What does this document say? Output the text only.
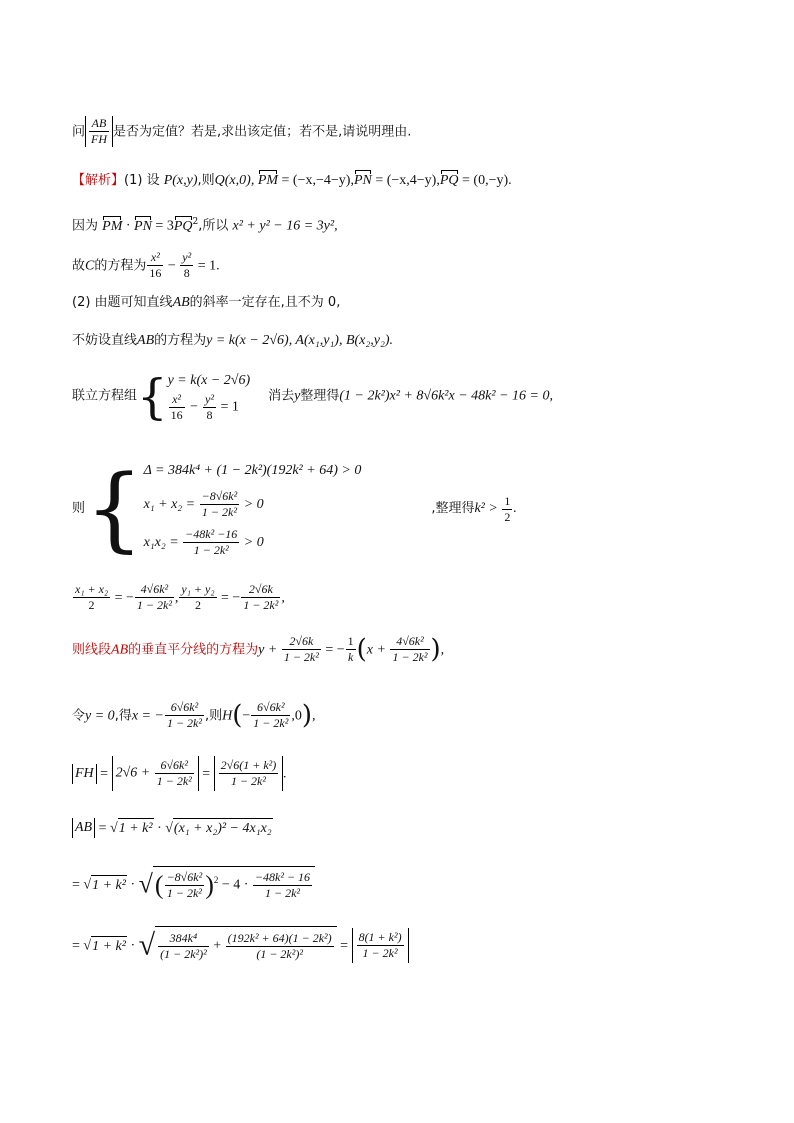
问 $\frac{AB}{FH}$ 是否为定值？若是,求出该定值；若不是,请说明理由.
【解析】(1) 设 P(x,y),则Q(x,0), PM = (−x,−4−y),PN = (−x,4−y),PQ = (0,−y).
因为 PM · PN = $3PQ^2$,所以 x² + y² − 16 = 3y²,
故C的方程为 $\frac{\text{x²}}{16} - \frac{\text{y²}}{8} = 1$.
(2) 由题可知直线AB的斜率一定存在,且不为 0,
不妨设直线AB的方程为y = k(x − 2√6), A(x₁,y₁), B(x₂,y₂).
联立方程组 { y = k(x − 2√6)
$\frac{\text{x²}}{16} - \frac{\text{y²}}{8} = 1$
消去y整理得(1 − 2k²)x² + 8√6k²x − 48k² − 16 = 0,
则 { Δ = 384k⁴ + (1 − 2k²)(192k² + 64) > 0
$x_1 + x_2 = \frac{\text{−8√6k²}}{\text{1 − 2k²}} > 0$
$x_1x_2 = \frac{\text{−48k² −16}}{\text{1 − 2k²}} > 0$
,整理得$k^2 > \frac{1}{2}$ .
$\frac{\text{x₁ + x₂}}{2}$ = − $\frac{\text{4√6k²}}{\text{1 − 2k²}}$ , $\frac{\text{y₁ + y₂}}{2}$ = − $\frac{2√6k}{\text{1 − 2k²}}$ ,
则线段AB的垂直平分线的方程为$y + \frac{2√6k}{\text{1 − 2k²}}$ = − $\frac{1}{k} (x + \frac{\text{4√6k²}}{\text{1 − 2k²}}$ ),
令y = 0,得x = − $\frac{\text{6√6k²}}{\text{1 − 2k²}}$ ,则$H(- \frac{\text{6√6k²}}{\text{1 − 2k²}} ,0)$,
FH = $2√6 + \frac{\text{6√6k²}}{\text{1 − 2k²}} = \frac{\text{2√6(1 + k²)}}{\text{1 − 2k²}}$ .
AB = √1 + k² · √(x₁ + x₂)² − 4x₁x₂
= √1 + k² · √( $\frac{\text{−8√6k²}}{\text{1 − 2k²}} )^2 - 4 \cdot \frac{\text{−48k² − 16}}{\text{1 − 2k²}}$
= √1 + k² · √ $\frac{\text{384k⁴}}{\text{(1 − 2k²)²}} + \frac{\text{(192k² + 64)(1 − 2k²)}}{\text{(1 − 2k²)²}} = \frac{\text{8(1 + k²)}}{\text{1 − 2k²}}$
